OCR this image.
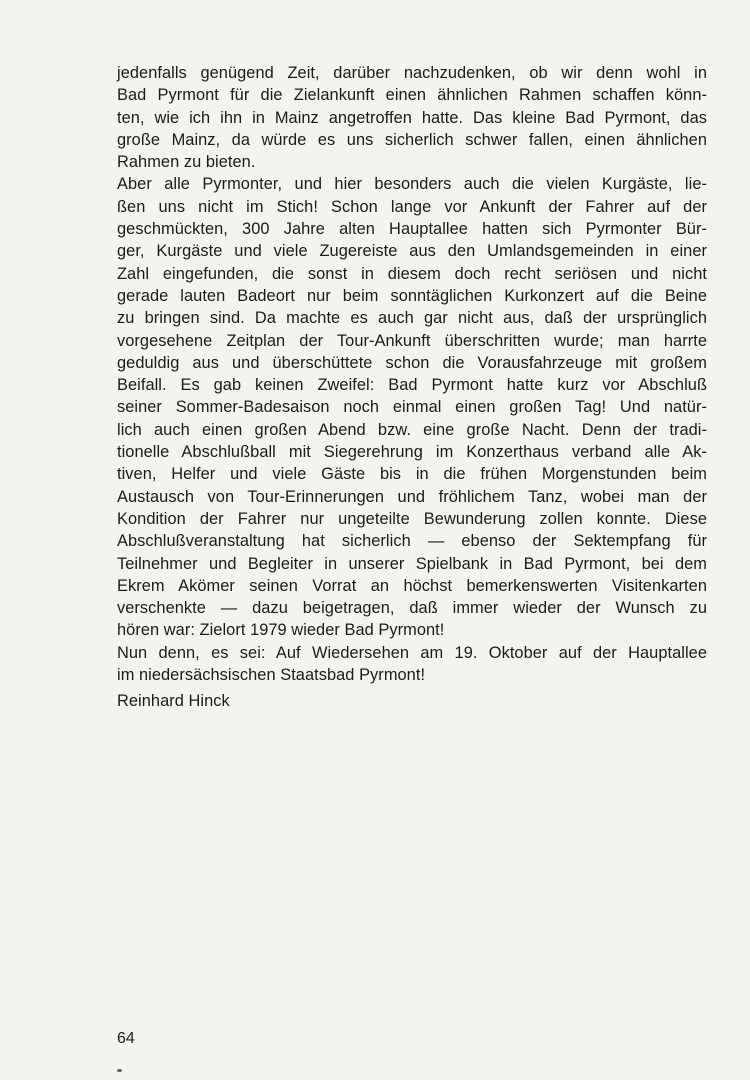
jedenfalls genügend Zeit, darüber nachzudenken, ob wir denn wohl in
Bad Pyrmont für die Zielankunft einen ähnlichen Rahmen schaffen könn-
ten, wie ich ihn in Mainz angetroffen hatte. Das kleine Bad Pyrmont, das
große Mainz, da würde es uns sicherlich schwer fallen, einen ähnlichen
Rahmen zu bieten.
Aber alle Pyrmonter, und hier besonders auch die vielen Kurgäste, lie-
ßen uns nicht im Stich! Schon lange vor Ankunft der Fahrer auf der
geschmückten, 300 Jahre alten Hauptallee hatten sich Pyrmonter Bür-
ger, Kurgäste und viele Zugereiste aus den Umlandsgemeinden in einer
Zahl eingefunden, die sonst in diesem doch recht seriösen und nicht
gerade lauten Badeort nur beim sonntäglichen Kurkonzert auf die Beine
zu bringen sind. Da machte es auch gar nicht aus, daß der ursprünglich
vorgesehene Zeitplan der Tour-Ankunft überschritten wurde; man harrte
geduldig aus und überschüttete schon die Vorausfahrzeuge mit großem
Beifall. Es gab keinen Zweifel: Bad Pyrmont hatte kurz vor Abschluß
seiner Sommer-Badesaison noch einmal einen großen Tag! Und natür-
lich auch einen großen Abend bzw. eine große Nacht. Denn der tradi-
tionelle Abschlußball mit Siegerehrung im Konzerthaus verband alle Ak-
tiven, Helfer und viele Gäste bis in die frühen Morgenstunden beim
Austausch von Tour-Erinnerungen und fröhlichem Tanz, wobei man der
Kondition der Fahrer nur ungeteilte Bewunderung zollen konnte. Diese
Abschlußveranstaltung hat sicherlich — ebenso der Sektempfang für
Teilnehmer und Begleiter in unserer Spielbank in Bad Pyrmont, bei dem
Ekrem Akömer seinen Vorrat an höchst bemerkenswerten Visitenkarten
verschenkte — dazu beigetragen, daß immer wieder der Wunsch zu
hören war: Zielort 1979 wieder Bad Pyrmont!
Nun denn, es sei: Auf Wiedersehen am 19. Oktober auf der Hauptallee
im niedersächsischen Staatsbad Pyrmont!
Reinhard Hinck
64
